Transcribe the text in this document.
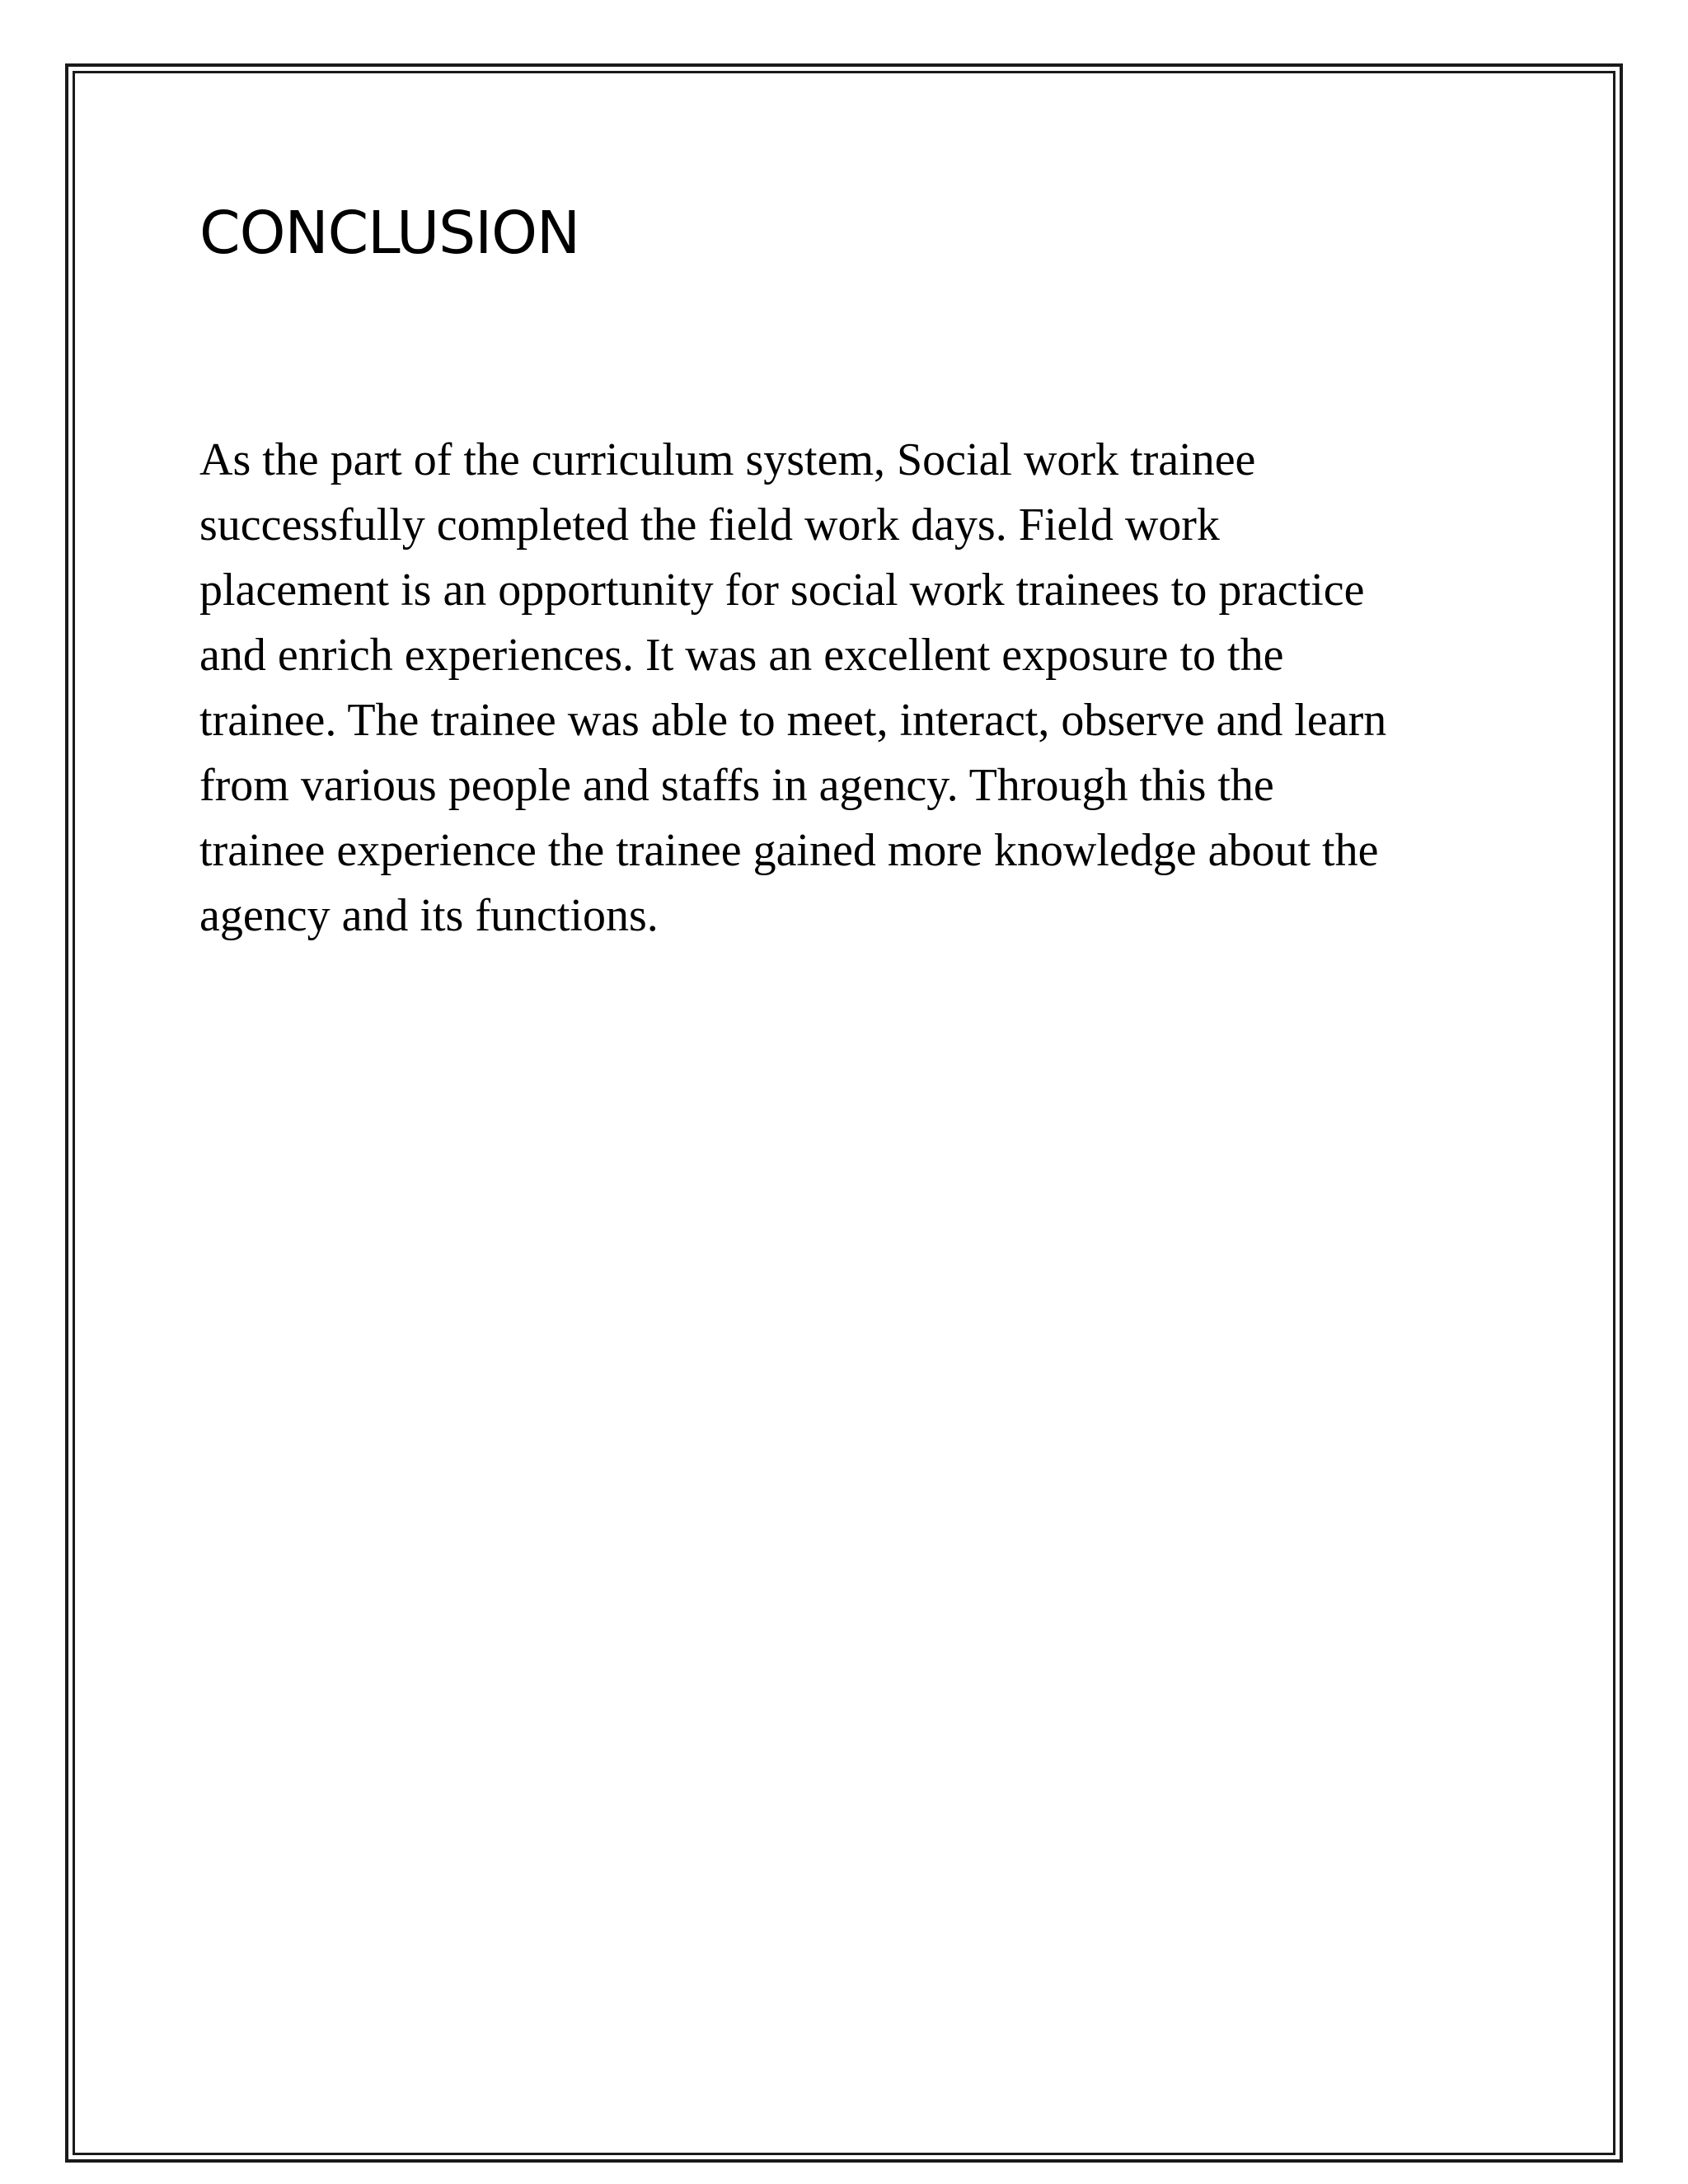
CONCLUSION

As the part of the curriculum system, Social work trainee
successfully completed the field work days. Field work
placement is an opportunity for social work trainees to practice
and enrich experiences. It was an excellent exposure to the
trainee. The trainee was able to meet, interact, observe and learn
from various people and staffs in agency. Through this the
trainee experience the trainee gained more knowledge about the
agency and its functions.
